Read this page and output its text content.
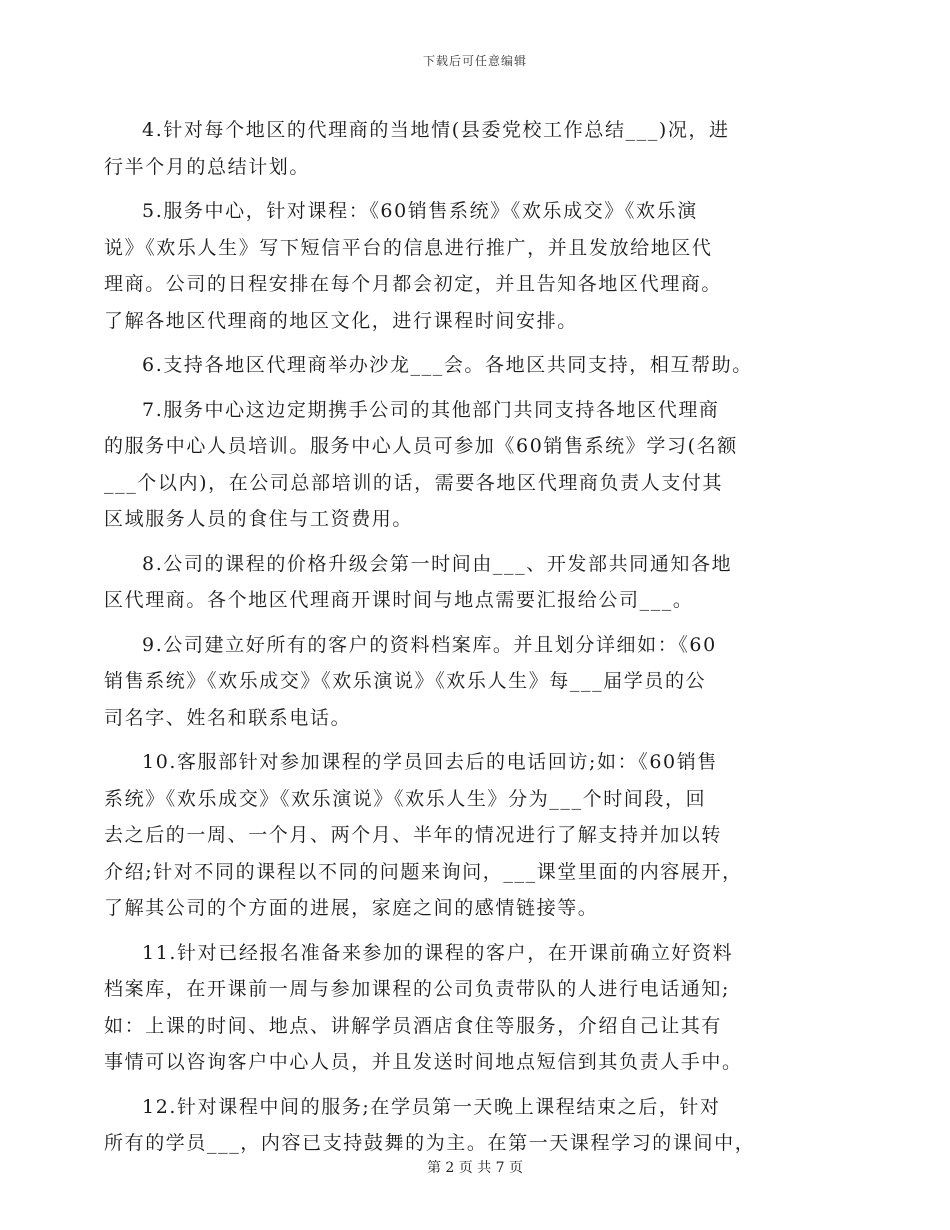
下载后可任意编辑
4.针对每个地区的代理商的当地情(县委党校工作总结___)况，进
行半个月的总结计划。
5.服务中心，针对课程：《60销售系统》《欢乐成交》《欢乐演
说》《欢乐人生》写下短信平台的信息进行推广，并且发放给地区代
理商。公司的日程安排在每个月都会初定，并且告知各地区代理商。
了解各地区代理商的地区文化，进行课程时间安排。
6.支持各地区代理商举办沙龙___会。各地区共同支持，相互帮助。
7.服务中心这边定期携手公司的其他部门共同支持各地区代理商
的服务中心人员培训。服务中心人员可参加《60销售系统》学习(名额
___个以内)，在公司总部培训的话，需要各地区代理商负责人支付其
区域服务人员的食住与工资费用。
8.公司的课程的价格升级会第一时间由___、开发部共同通知各地
区代理商。各个地区代理商开课时间与地点需要汇报给公司___。
9.公司建立好所有的客户的资料档案库。并且划分详细如：《60
销售系统》《欢乐成交》《欢乐演说》《欢乐人生》每___届学员的公
司名字、姓名和联系电话。
10.客服部针对参加课程的学员回去后的电话回访;如：《60销售
系统》《欢乐成交》《欢乐演说》《欢乐人生》分为___个时间段，回
去之后的一周、一个月、两个月、半年的情况进行了解支持并加以转
介绍;针对不同的课程以不同的问题来询问，___课堂里面的内容展开，
了解其公司的个方面的进展，家庭之间的感情链接等。
11.针对已经报名准备来参加的课程的客户，在开课前确立好资料
档案库，在开课前一周与参加课程的公司负责带队的人进行电话通知;
如：上课的时间、地点、讲解学员酒店食住等服务，介绍自己让其有
事情可以咨询客户中心人员，并且发送时间地点短信到其负责人手中。
12.针对课程中间的服务;在学员第一天晚上课程结束之后，针对
所有的学员___，内容已支持鼓舞的为主。在第一天课程学习的课间中，
第 2 页 共 7 页
